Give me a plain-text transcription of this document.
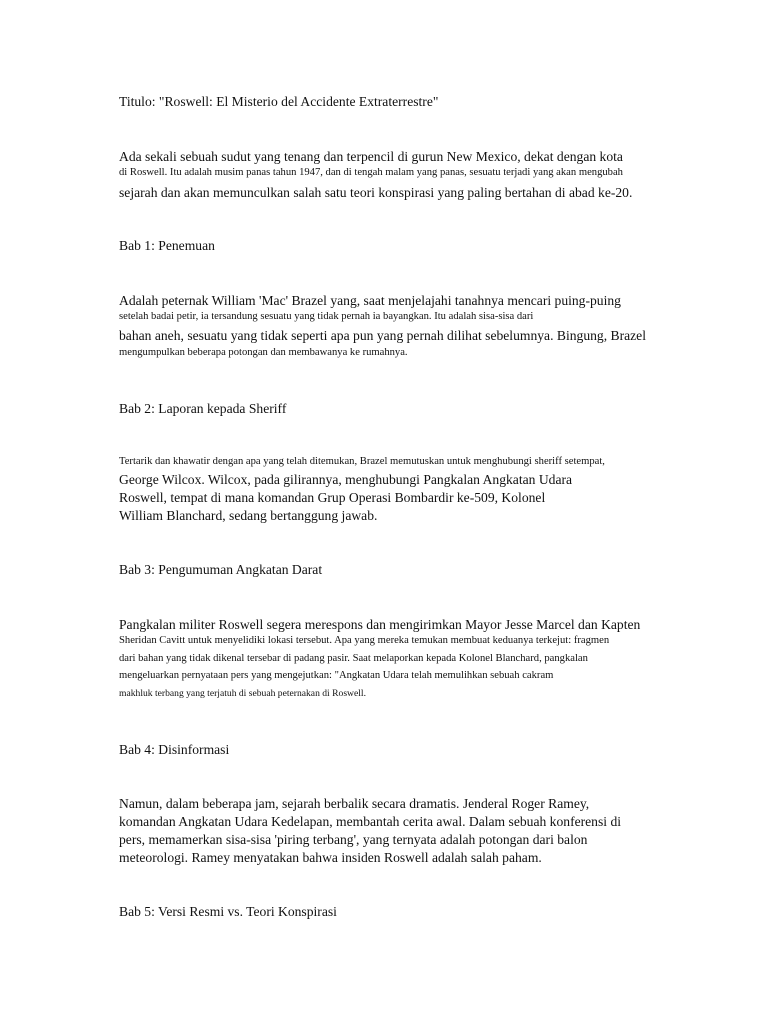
Titulo: "Roswell: El Misterio del Accidente Extraterrestre"

Ada sekali sebuah sudut yang tenang dan terpencil di gurun New Mexico, dekat dengan kota

di Roswell. Itu adalah musim panas tahun 1947, dan di tengah malam yang panas, sesuatu terjadi yang akan mengubah

sejarah dan akan memunculkan salah satu teori konspirasi yang paling bertahan di abad ke-20.

Bab 1: Penemuan

Adalah peternak William 'Mac' Brazel yang, saat menjelajahi tanahnya mencari puing-puing

setelah badai petir, ia tersandung sesuatu yang tidak pernah ia bayangkan. Itu adalah sisa-sisa dari

bahan aneh, sesuatu yang tidak seperti apa pun yang pernah dilihat sebelumnya. Bingung, Brazel

mengumpulkan beberapa potongan dan membawanya ke rumahnya.

Bab 2: Laporan kepada Sheriff

Tertarik dan khawatir dengan apa yang telah ditemukan, Brazel memutuskan untuk menghubungi sheriff setempat,

George Wilcox. Wilcox, pada gilirannya, menghubungi Pangkalan Angkatan Udara

Roswell, tempat di mana komandan Grup Operasi Bombardir ke-509, Kolonel

William Blanchard, sedang bertanggung jawab.

Bab 3: Pengumuman Angkatan Darat

Pangkalan militer Roswell segera merespons dan mengirimkan Mayor Jesse Marcel dan Kapten

Sheridan Cavitt untuk menyelidiki lokasi tersebut. Apa yang mereka temukan membuat keduanya terkejut: fragmen

dari bahan yang tidak dikenal tersebar di padang pasir. Saat melaporkan kepada Kolonel Blanchard, pangkalan

mengeluarkan pernyataan pers yang mengejutkan: "Angkatan Udara telah memulihkan sebuah cakram

makhluk terbang yang terjatuh di sebuah peternakan di Roswell.

Bab 4: Disinformasi

Namun, dalam beberapa jam, sejarah berbalik secara dramatis. Jenderal Roger Ramey,

komandan Angkatan Udara Kedelapan, membantah cerita awal. Dalam sebuah konferensi di

pers, memamerkan sisa-sisa 'piring terbang', yang ternyata adalah potongan dari balon

meteorologi. Ramey menyatakan bahwa insiden Roswell adalah salah paham.

Bab 5: Versi Resmi vs. Teori Konspirasi
